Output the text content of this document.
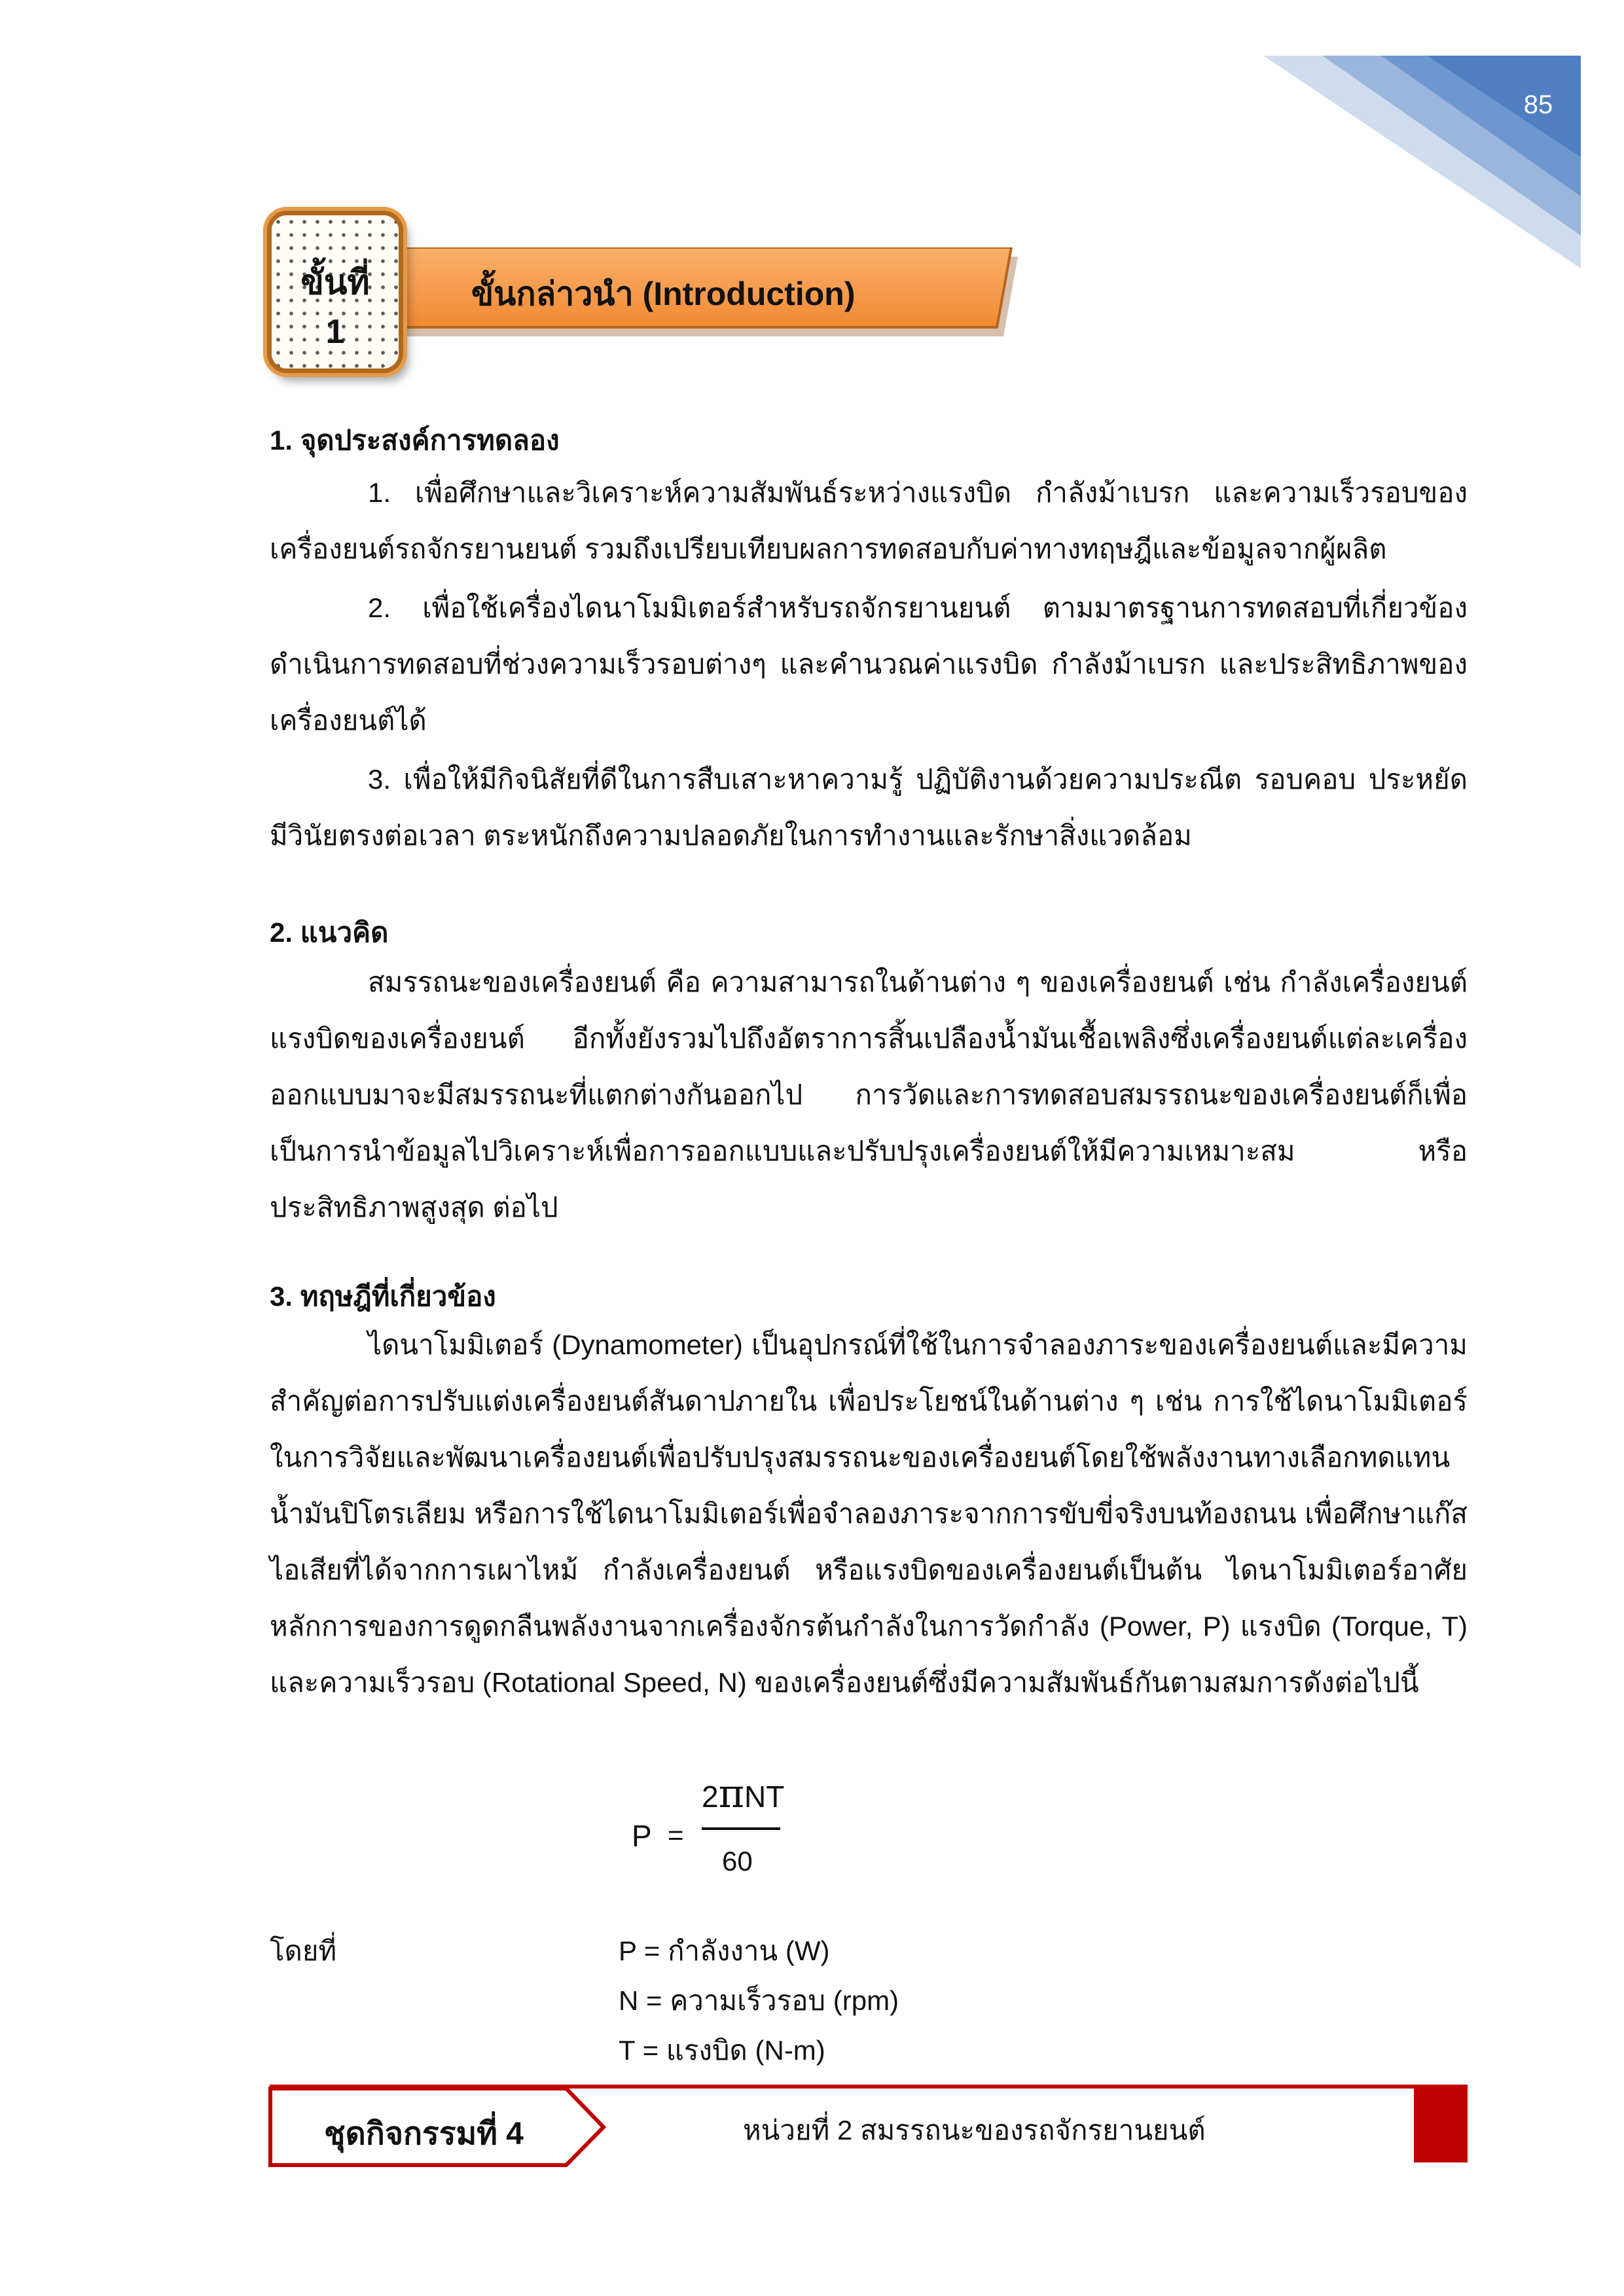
85
ขั้นที่
1
ขั้นกล่าวนำ (Introduction)
1. จุดประสงค์การทดลอง
1. เพื่อศึกษาและวิเคราะห์ความสัมพันธ์ระหว่างแรงบิด กำลังม้าเบรก และความเร็วรอบของเครื่องยนต์รถจักรยานยนต์ รวมถึงเปรียบเทียบผลการทดสอบกับค่าทางทฤษฎีและข้อมูลจากผู้ผลิต
2. เพื่อใช้เครื่องไดนาโมมิเตอร์สำหรับรถจักรยานยนต์ ตามมาตรฐานการทดสอบที่เกี่ยวข้อง ดำเนินการทดสอบที่ช่วงความเร็วรอบต่างๆ และคำนวณค่าแรงบิด กำลังม้าเบรก และประสิทธิภาพของเครื่องยนต์ได้
3. เพื่อให้มีกิจนิสัยที่ดีในการสืบเสาะหาความรู้ ปฏิบัติงานด้วยความประณีต รอบคอบ ประหยัด มีวินัยตรงต่อเวลา ตระหนักถึงความปลอดภัยในการทำงานและรักษาสิ่งแวดล้อม
2. แนวคิด
สมรรถนะของเครื่องยนต์ คือ ความสามารถในด้านต่าง ๆ ของเครื่องยนต์ เช่น กำลังเครื่องยนต์ แรงบิดของเครื่องยนต์ อีกทั้งยังรวมไปถึงอัตราการสิ้นเปลืองน้ำมันเชื้อเพลิงซึ่งเครื่องยนต์แต่ละเครื่องออกแบบมาจะมีสมรรถนะที่แตกต่างกันออกไป การวัดและการทดสอบสมรรถนะของเครื่องยนต์ก็เพื่อเป็นการนำข้อมูลไปวิเคราะห์เพื่อการออกแบบและปรับปรุงเครื่องยนต์ให้มีความเหมาะสม หรือประสิทธิภาพสูงสุด ต่อไป
3. ทฤษฎีที่เกี่ยวข้อง
ไดนาโมมิเตอร์ (Dynamometer) เป็นอุปกรณ์ที่ใช้ในการจำลองภาระของเครื่องยนต์และมีความสำคัญต่อการปรับแต่งเครื่องยนต์สันดาปภายใน เพื่อประโยชน์ในด้านต่าง ๆ เช่น การใช้ไดนาโมมิเตอร์ในการวิจัยและพัฒนาเครื่องยนต์เพื่อปรับปรุงสมรรถนะของเครื่องยนต์โดยใช้พลังงานทางเลือกทดแทนน้ำมันปิโตรเลียม หรือการใช้ไดนาโมมิเตอร์เพื่อจำลองภาระจากการขับขี่จริงบนท้องถนน เพื่อศึกษาแก๊สไอเสียที่ได้จากการเผาไหม้ กำลังเครื่องยนต์ หรือแรงบิดของเครื่องยนต์เป็นต้น ไดนาโมมิเตอร์อาศัยหลักการของการดูดกลืนพลังงานจากเครื่องจักรต้นกำลังในการวัดกำลัง (Power, P) แรงบิด (Torque, T) และความเร็วรอบ (Rotational Speed, N) ของเครื่องยนต์ซึ่งมีความสัมพันธ์กันตามสมการดังต่อไปนี้
P =
2πNT
60
โดยที่	P = กำลังงาน (W)
N = ความเร็วรอบ (rpm)
T = แรงบิด (N-m)
ชุดกิจกรรมที่ 4	หน่วยที่ 2 สมรรถนะของรถจักรยานยนต์
